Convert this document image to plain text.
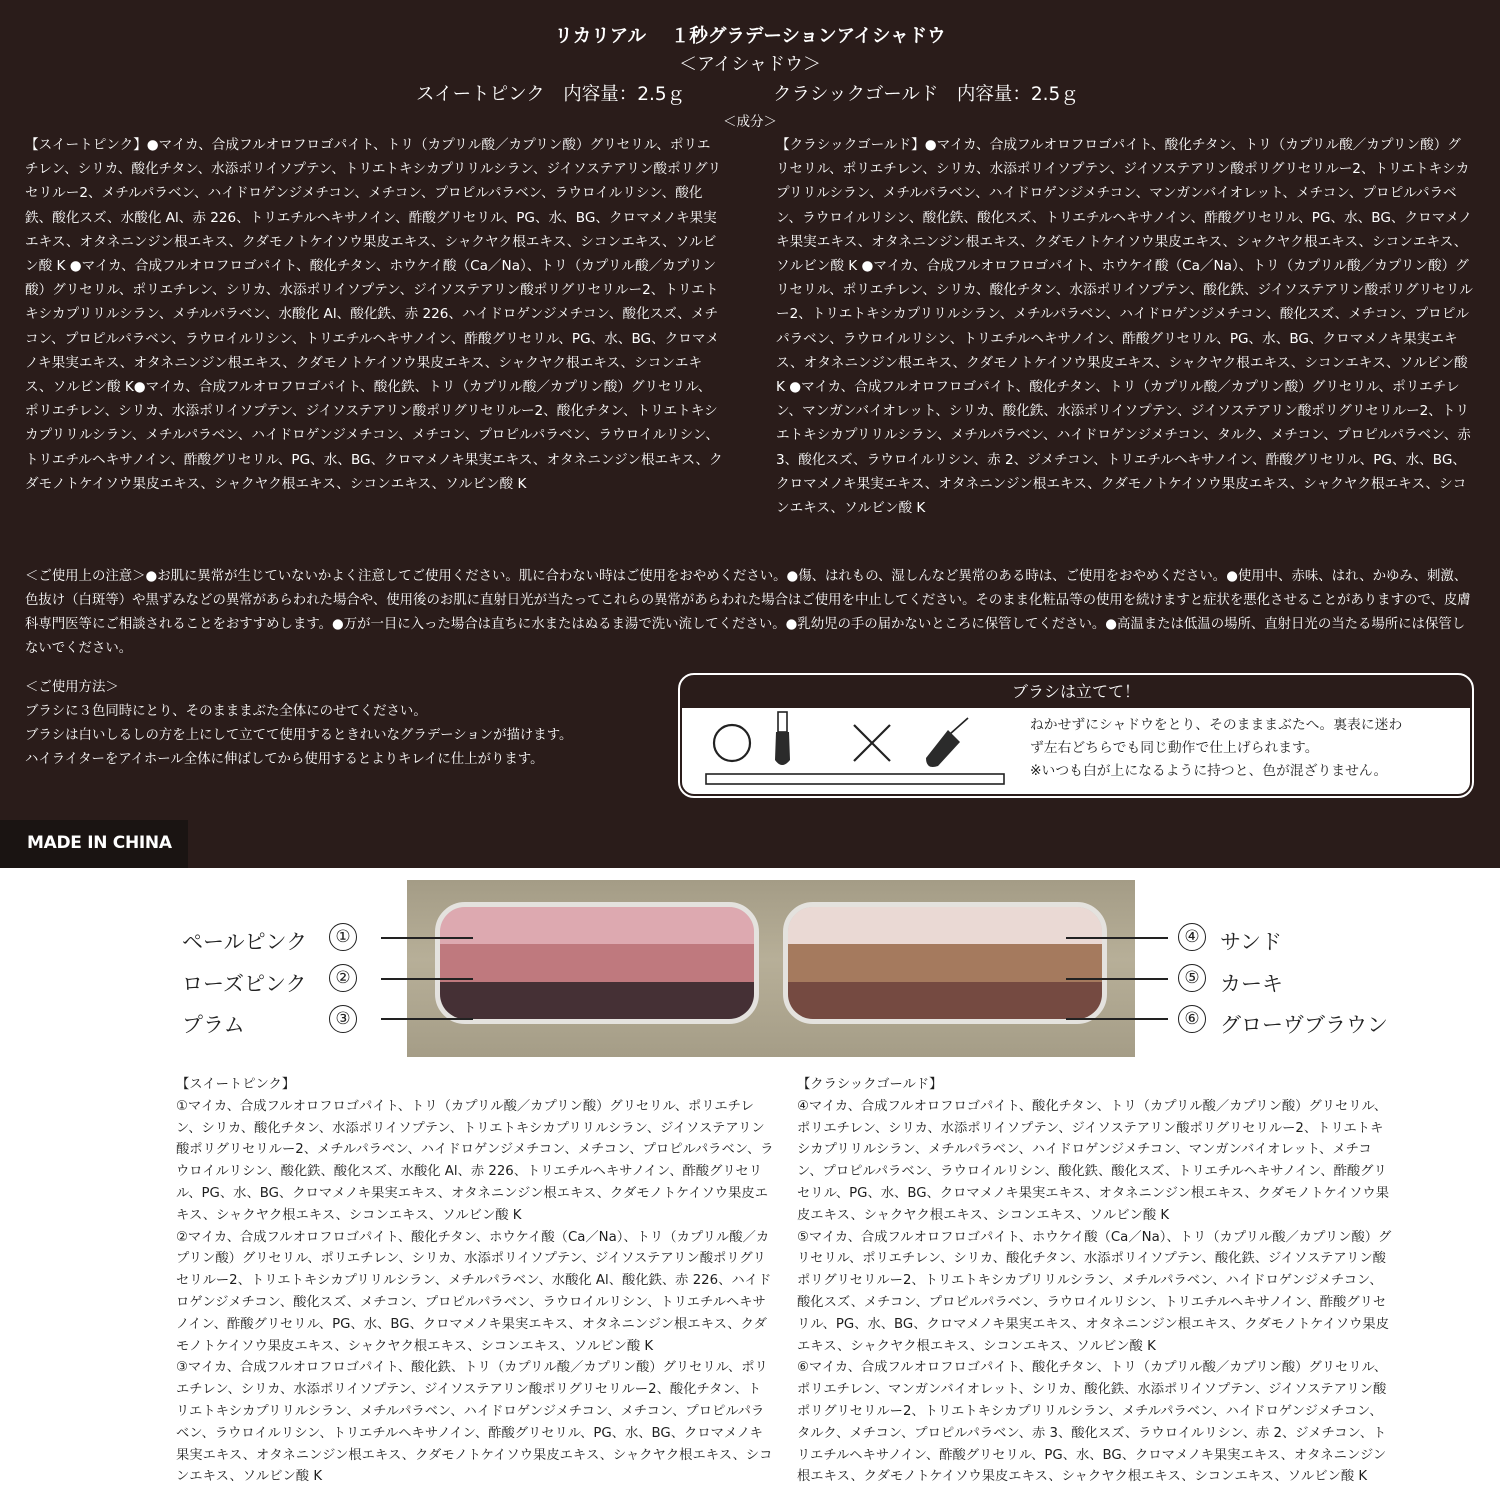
リカリアル　 １秒グラデーションアイシャドウ
＜アイシャドウ＞
スイートピンク　内容量：2.5ｇ	クラシックゴールド　内容量：2.5ｇ
＜成分＞

【スイートピンク】●マイカ、合成フルオロフロゴパイト、トリ（カプリル酸／カプリン酸）グリセリル、ポリエチレン、シリカ、酸化チタン、水添ポリイソプテン、トリエトキシカプリリルシラン、ジイソステアリン酸ポリグリセリルー2、メチルパラベン、ハイドロゲンジメチコン、メチコン、プロピルパラベン、ラウロイルリシン、酸化鉄、酸化スズ、水酸化 Al、赤 226、トリエチルヘキサノイン、酢酸グリセリル、PG、水、BG、クロマメノキ果実エキス、オタネニンジン根エキス、クダモノトケイソウ果皮エキス、シャクヤク根エキス、シコンエキス、ソルビン酸 K ●マイカ、合成フルオロフロゴパイト、酸化チタン、ホウケイ酸（Ca／Na）、トリ（カプリル酸／カプリン酸）グリセリル、ポリエチレン、シリカ、水添ポリイソプテン、ジイソステアリン酸ポリグリセリルー2、トリエトキシカプリリルシラン、メチルパラベン、水酸化 Al、酸化鉄、赤 226、ハイドロゲンジメチコン、酸化スズ、メチコン、プロピルパラベン、ラウロイルリシン、トリエチルヘキサノイン、酢酸グリセリル、PG、水、BG、クロマメノキ果実エキス、オタネニンジン根エキス、クダモノトケイソウ果皮エキス、シャクヤク根エキス、シコンエキス、ソルビン酸 K●マイカ、合成フルオロフロゴパイト、酸化鉄、トリ（カプリル酸／カプリン酸）グリセリル、ポリエチレン、シリカ、水添ポリイソプテン、ジイソステアリン酸ポリグリセリルー2、酸化チタン、トリエトキシカプリリルシラン、メチルパラベン、ハイドロゲンジメチコン、メチコン、プロピルパラベン、ラウロイルリシン、トリエチルヘキサノイン、酢酸グリセリル、PG、水、BG、クロマメノキ果実エキス、オタネニンジン根エキス、クダモノトケイソウ果皮エキス、シャクヤク根エキス、シコンエキス、ソルビン酸 K

【クラシックゴールド】●マイカ、合成フルオロフロゴパイト、酸化チタン、トリ（カプリル酸／カプリン酸）グリセリル、ポリエチレン、シリカ、水添ポリイソプテン、ジイソステアリン酸ポリグリセリルー2、トリエトキシカプリリルシラン、メチルパラベン、ハイドロゲンジメチコン、マンガンバイオレット、メチコン、プロピルパラベン、ラウロイルリシン、酸化鉄、酸化スズ、トリエチルヘキサノイン、酢酸グリセリル、PG、水、BG、クロマメノキ果実エキス、オタネニンジン根エキス、クダモノトケイソウ果皮エキス、シャクヤク根エキス、シコンエキス、ソルビン酸 K ●マイカ、合成フルオロフロゴパイト、ホウケイ酸（Ca／Na）、トリ（カプリル酸／カプリン酸）グリセリル、ポリエチレン、シリカ、酸化チタン、水添ポリイソプテン、酸化鉄、ジイソステアリン酸ポリグリセリルー2、トリエトキシカプリリルシラン、メチルパラベン、ハイドロゲンジメチコン、酸化スズ、メチコン、プロピルパラベン、ラウロイルリシン、トリエチルヘキサノイン、酢酸グリセリル、PG、水、BG、クロマメノキ果実エキス、オタネニンジン根エキス、クダモノトケイソウ果皮エキス、シャクヤク根エキス、シコンエキス、ソルビン酸 K ●マイカ、合成フルオロフロゴパイト、酸化チタン、トリ（カプリル酸／カプリン酸）グリセリル、ポリエチレン、マンガンバイオレット、シリカ、酸化鉄、水添ポリイソプテン、ジイソステアリン酸ポリグリセリルー2、トリエトキシカプリリルシラン、メチルパラベン、ハイドロゲンジメチコン、タルク、メチコン、プロピルパラベン、赤 3、酸化スズ、ラウロイルリシン、赤 2、ジメチコン、トリエチルヘキサノイン、酢酸グリセリル、PG、水、BG、クロマメノキ果実エキス、オタネニンジン根エキス、クダモノトケイソウ果皮エキス、シャクヤク根エキス、シコンエキス、ソルビン酸 K

＜ご使用上の注意＞●お肌に異常が生じていないかよく注意してご使用ください。肌に合わない時はご使用をおやめください。●傷、はれもの、湿しんなど異常のある時は、ご使用をおやめください。●使用中、赤味、はれ、かゆみ、刺激、色抜け（白斑等）や黒ずみなどの異常があらわれた場合や、使用後のお肌に直射日光が当たってこれらの異常があらわれた場合はご使用を中止してください。そのまま化粧品等の使用を続けますと症状を悪化させることがありますので、皮膚科専門医等にご相談されることをおすすめします。●万が一目に入った場合は直ちに水またはぬるま湯で洗い流してください。●乳幼児の手の届かないところに保管してください。●高温または低温の場所、直射日光の当たる場所には保管しないでください。

＜ご使用方法＞
ブラシに３色同時にとり、そのまままぶた全体にのせてください。
ブラシは白いしるしの方を上にして立てて使用するときれいなグラデーションが描けます。
ハイライターをアイホール全体に伸ばしてから使用するとよりキレイに仕上がります。
ブラシは立てて！
ねかせずにシャドウをとり、そのまままぶたへ。裏表に迷わ
ず左右どちらでも同じ動作で仕上げられます。
※いつも白が上になるように持つと、色が混ざりません。
MADE IN CHINA
ペールピンク	①
ローズピンク	②
プラム	③
④ サンド
⑤ カーキ
⑥ グローヴブラウン
【スイートピンク】
①マイカ、合成フルオロフロゴパイト、トリ（カプリル酸／カプリン酸）グリセリル、ポリエチレン、シリカ、酸化チタン、水添ポリイソプテン、トリエトキシカプリリルシラン、ジイソステアリン酸ポリグリセリルー2、メチルパラベン、ハイドロゲンジメチコン、メチコン、プロピルパラベン、ラウロイルリシン、酸化鉄、酸化スズ、水酸化 Al、赤 226、トリエチルヘキサノイン、酢酸グリセリル、PG、水、BG、クロマメノキ果実エキス、オタネニンジン根エキス、クダモノトケイソウ果皮エキス、シャクヤク根エキス、シコンエキス、ソルビン酸 K
②マイカ、合成フルオロフロゴパイト、酸化チタン、ホウケイ酸（Ca／Na）、トリ（カプリル酸／カプリン酸）グリセリル、ポリエチレン、シリカ、水添ポリイソプテン、ジイソステアリン酸ポリグリセリルー2、トリエトキシカプリリルシラン、メチルパラベン、水酸化 Al、酸化鉄、赤 226、ハイドロゲンジメチコン、酸化スズ、メチコン、プロピルパラベン、ラウロイルリシン、トリエチルヘキサノイン、酢酸グリセリル、PG、水、BG、クロマメノキ果実エキス、オタネニンジン根エキス、クダモノトケイソウ果皮エキス、シャクヤク根エキス、シコンエキス、ソルビン酸 K
③マイカ、合成フルオロフロゴパイト、酸化鉄、トリ（カプリル酸／カプリン酸）グリセリル、ポリエチレン、シリカ、水添ポリイソプテン、ジイソステアリン酸ポリグリセリルー2、酸化チタン、トリエトキシカプリリルシラン、メチルパラベン、ハイドロゲンジメチコン、メチコン、プロピルパラベン、ラウロイルリシン、トリエチルヘキサノイン、酢酸グリセリル、PG、水、BG、クロマメノキ果実エキス、オタネニンジン根エキス、クダモノトケイソウ果皮エキス、シャクヤク根エキス、シコンエキス、ソルビン酸 K
【クラシックゴールド】
④マイカ、合成フルオロフロゴパイト、酸化チタン、トリ（カプリル酸／カプリン酸）グリセリル、ポリエチレン、シリカ、水添ポリイソプテン、ジイソステアリン酸ポリグリセリルー2、トリエトキシカプリリルシラン、メチルパラベン、ハイドロゲンジメチコン、マンガンバイオレット、メチコン、プロピルパラベン、ラウロイルリシン、酸化鉄、酸化スズ、トリエチルヘキサノイン、酢酸グリセリル、PG、水、BG、クロマメノキ果実エキス、オタネニンジン根エキス、クダモノトケイソウ果皮エキス、シャクヤク根エキス、シコンエキス、ソルビン酸 K
⑤マイカ、合成フルオロフロゴパイト、ホウケイ酸（Ca／Na）、トリ（カプリル酸／カプリン酸）グリセリル、ポリエチレン、シリカ、酸化チタン、水添ポリイソプテン、酸化鉄、ジイソステアリン酸ポリグリセリルー2、トリエトキシカプリリルシラン、メチルパラベン、ハイドロゲンジメチコン、酸化スズ、メチコン、プロピルパラベン、ラウロイルリシン、トリエチルヘキサノイン、酢酸グリセリル、PG、水、BG、クロマメノキ果実エキス、オタネニンジン根エキス、クダモノトケイソウ果皮エキス、シャクヤク根エキス、シコンエキス、ソルビン酸 K
⑥マイカ、合成フルオロフロゴパイト、酸化チタン、トリ（カプリル酸／カプリン酸）グリセリル、ポリエチレン、マンガンバイオレット、シリカ、酸化鉄、水添ポリイソプテン、ジイソステアリン酸ポリグリセリルー2、トリエトキシカプリリルシラン、メチルパラベン、ハイドロゲンジメチコン、タルク、メチコン、プロピルパラベン、赤 3、酸化スズ、ラウロイルリシン、赤 2、ジメチコン、トリエチルヘキサノイン、酢酸グリセリル、PG、水、BG、クロマメノキ果実エキス、オタネニンジン根エキス、クダモノトケイソウ果皮エキス、シャクヤク根エキス、シコンエキス、ソルビン酸 K
